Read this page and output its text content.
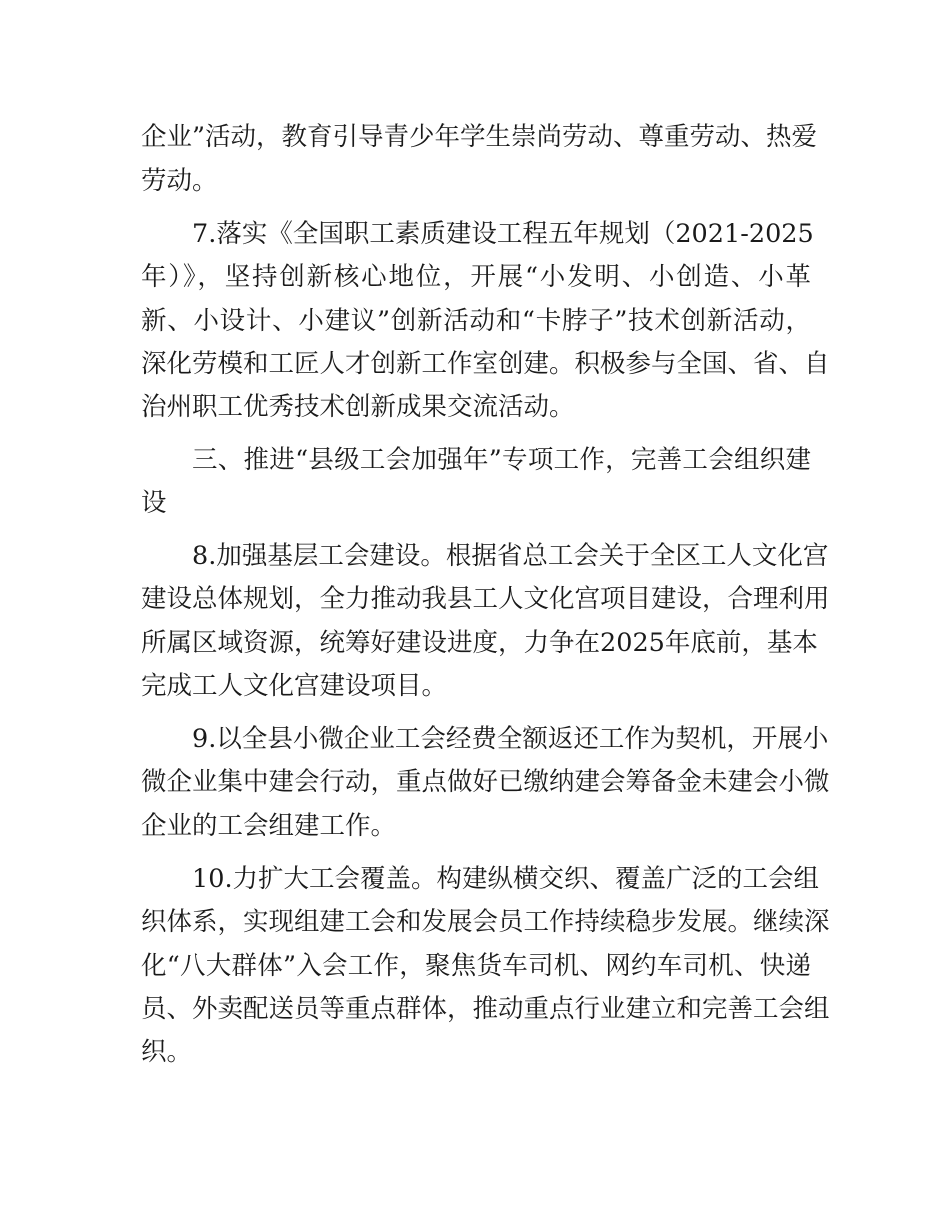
企业”活动，教育引导青少年学生崇尚劳动、尊重劳动、热爱
劳动。
7.落实《全国职工素质建设工程五年规划（2021-2025
年）》，坚持创新核心地位，开展“小发明、小创造、小革
新、小设计、小建议”创新活动和“卡脖子”技术创新活动，
深化劳模和工匠人才创新工作室创建。积极参与全国、省、自
治州职工优秀技术创新成果交流活动。
三、推进“县级工会加强年”专项工作，完善工会组织建
设
8.加强基层工会建设。根据省总工会关于全区工人文化宫
建设总体规划，全力推动我县工人文化宫项目建设，合理利用
所属区域资源，统筹好建设进度，力争在2025年底前，基本
完成工人文化宫建设项目。
9.以全县小微企业工会经费全额返还工作为契机，开展小
微企业集中建会行动，重点做好已缴纳建会筹备金未建会小微
企业的工会组建工作。
10.力扩大工会覆盖。构建纵横交织、覆盖广泛的工会组
织体系，实现组建工会和发展会员工作持续稳步发展。继续深
化“八大群体”入会工作，聚焦货车司机、网约车司机、快递
员、外卖配送员等重点群体，推动重点行业建立和完善工会组
织。
